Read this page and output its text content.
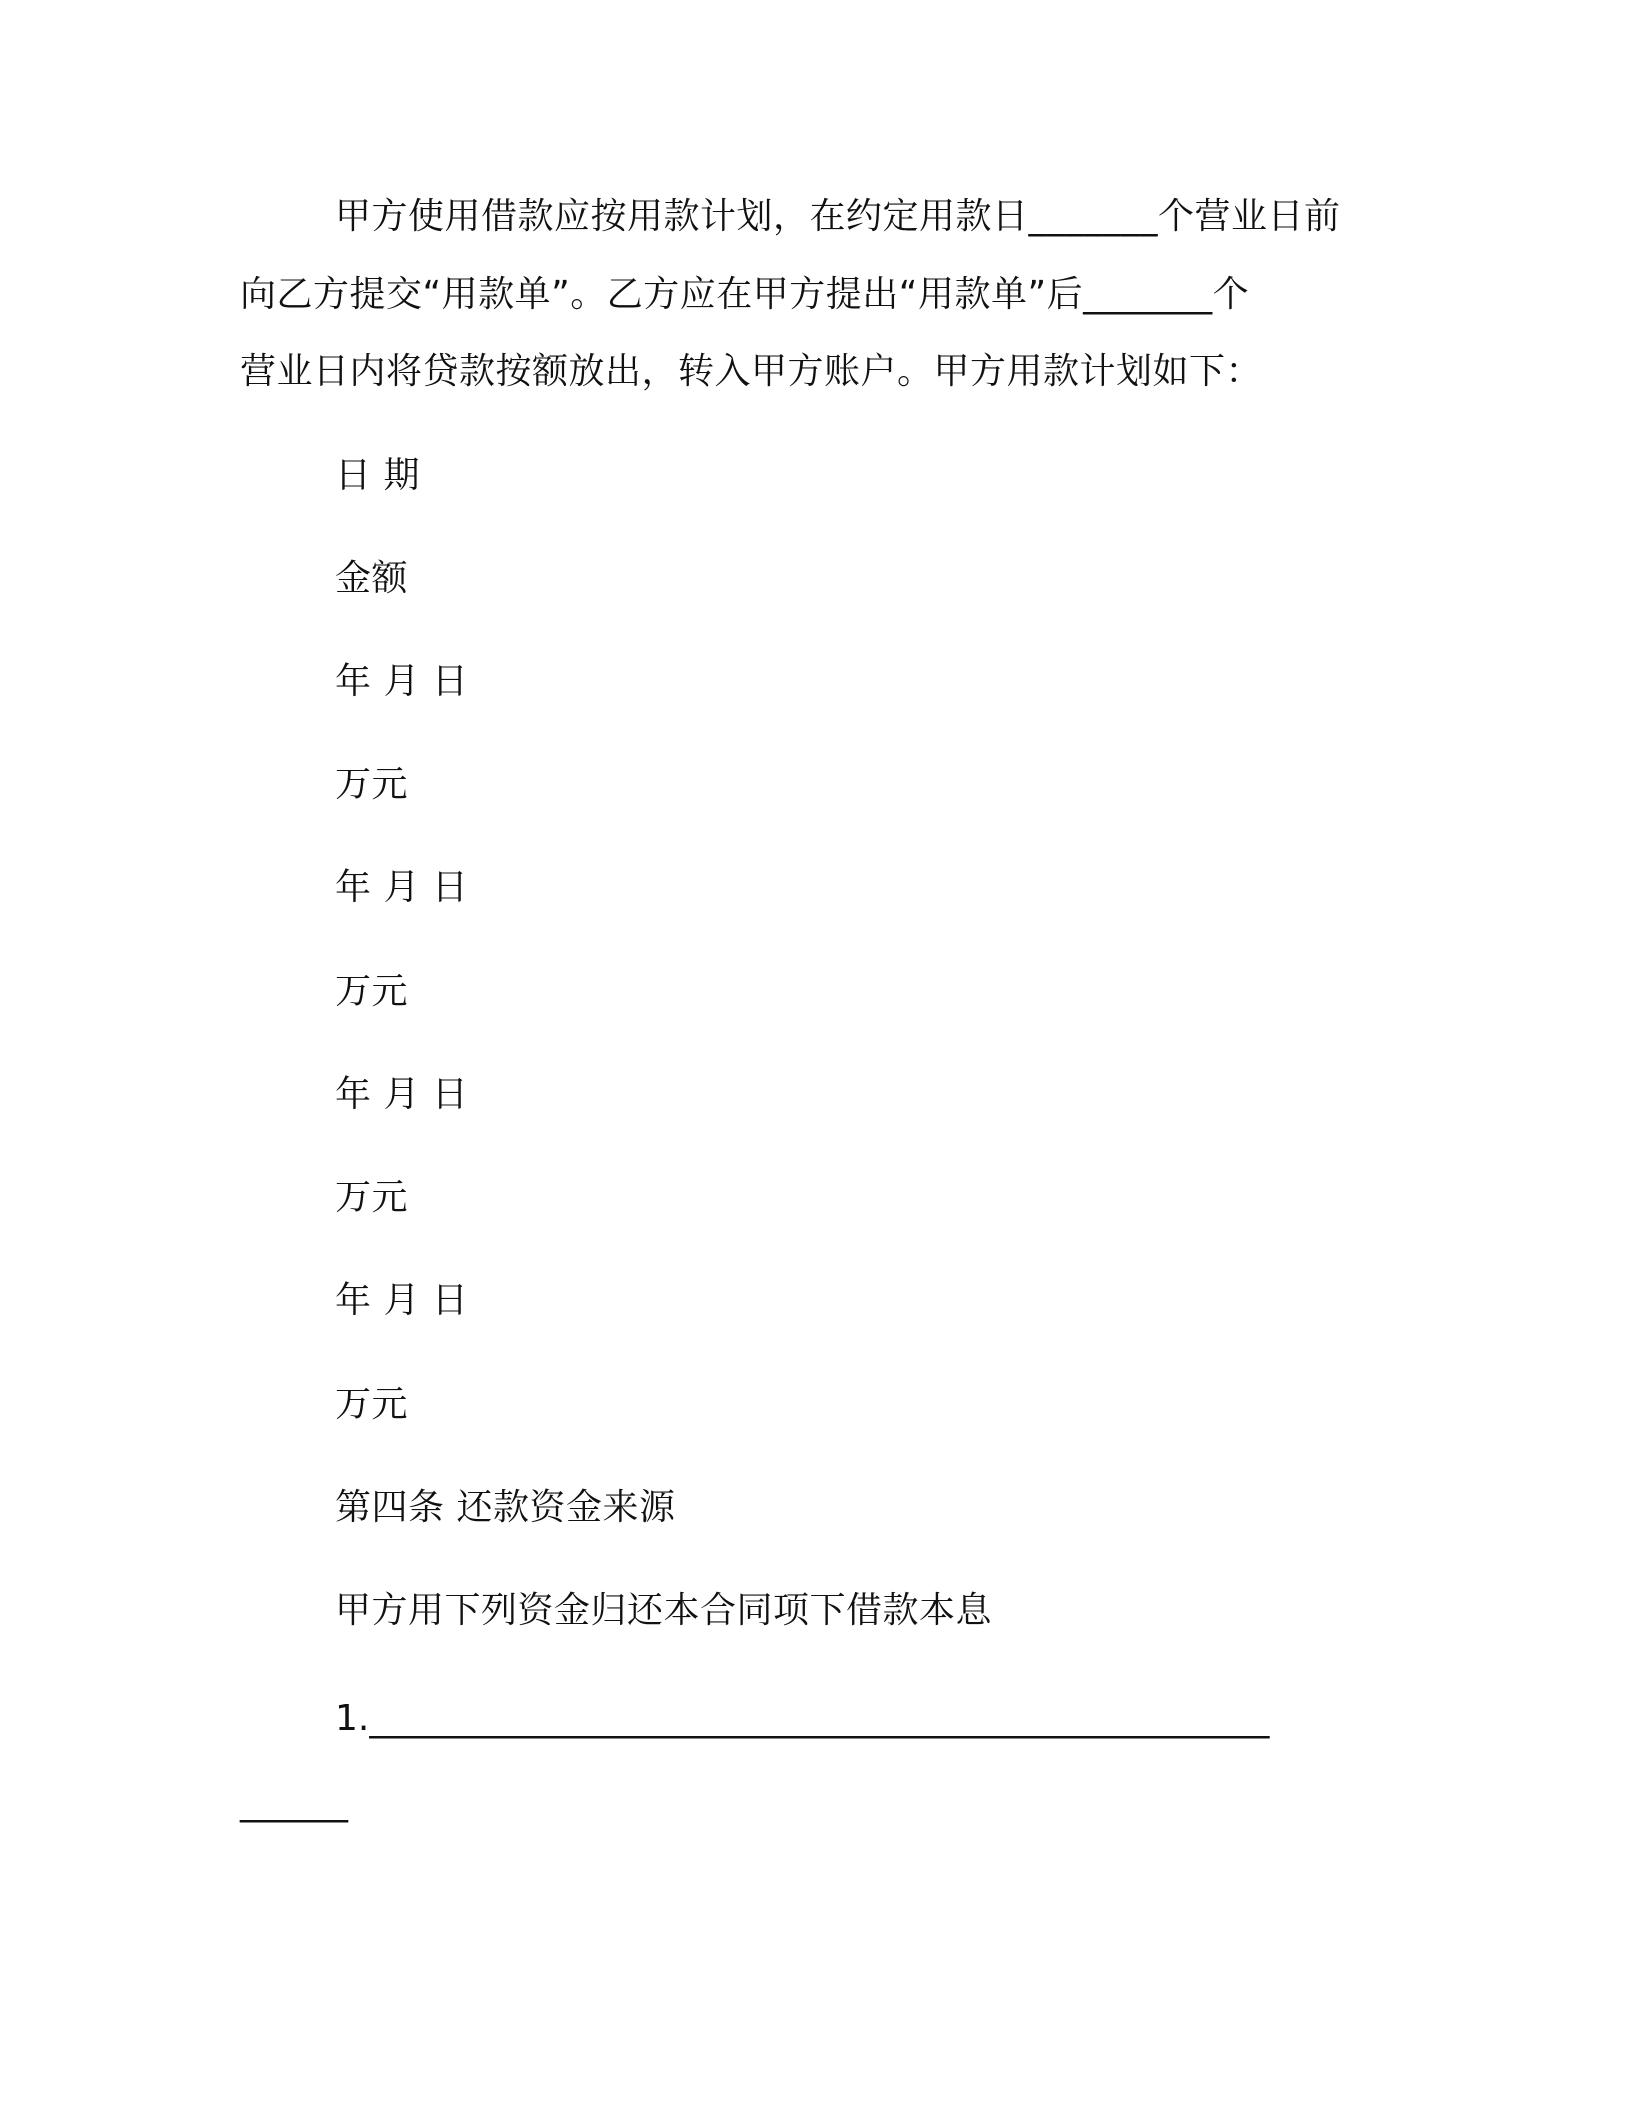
甲方使用借款应按用款计划，在约定用款日_______个营业日前
向乙方提交“用款单”。乙方应在甲方提出“用款单”后_______个
营业日内将贷款按额放出，转入甲方账户。甲方用款计划如下：
日 期
金额
年 月 日
万元
年 月 日
万元
年 月 日
万元
年 月 日
万元
第四条 还款资金来源
甲方用下列资金归还本合同项下借款本息
1.__________________________________________________
______
